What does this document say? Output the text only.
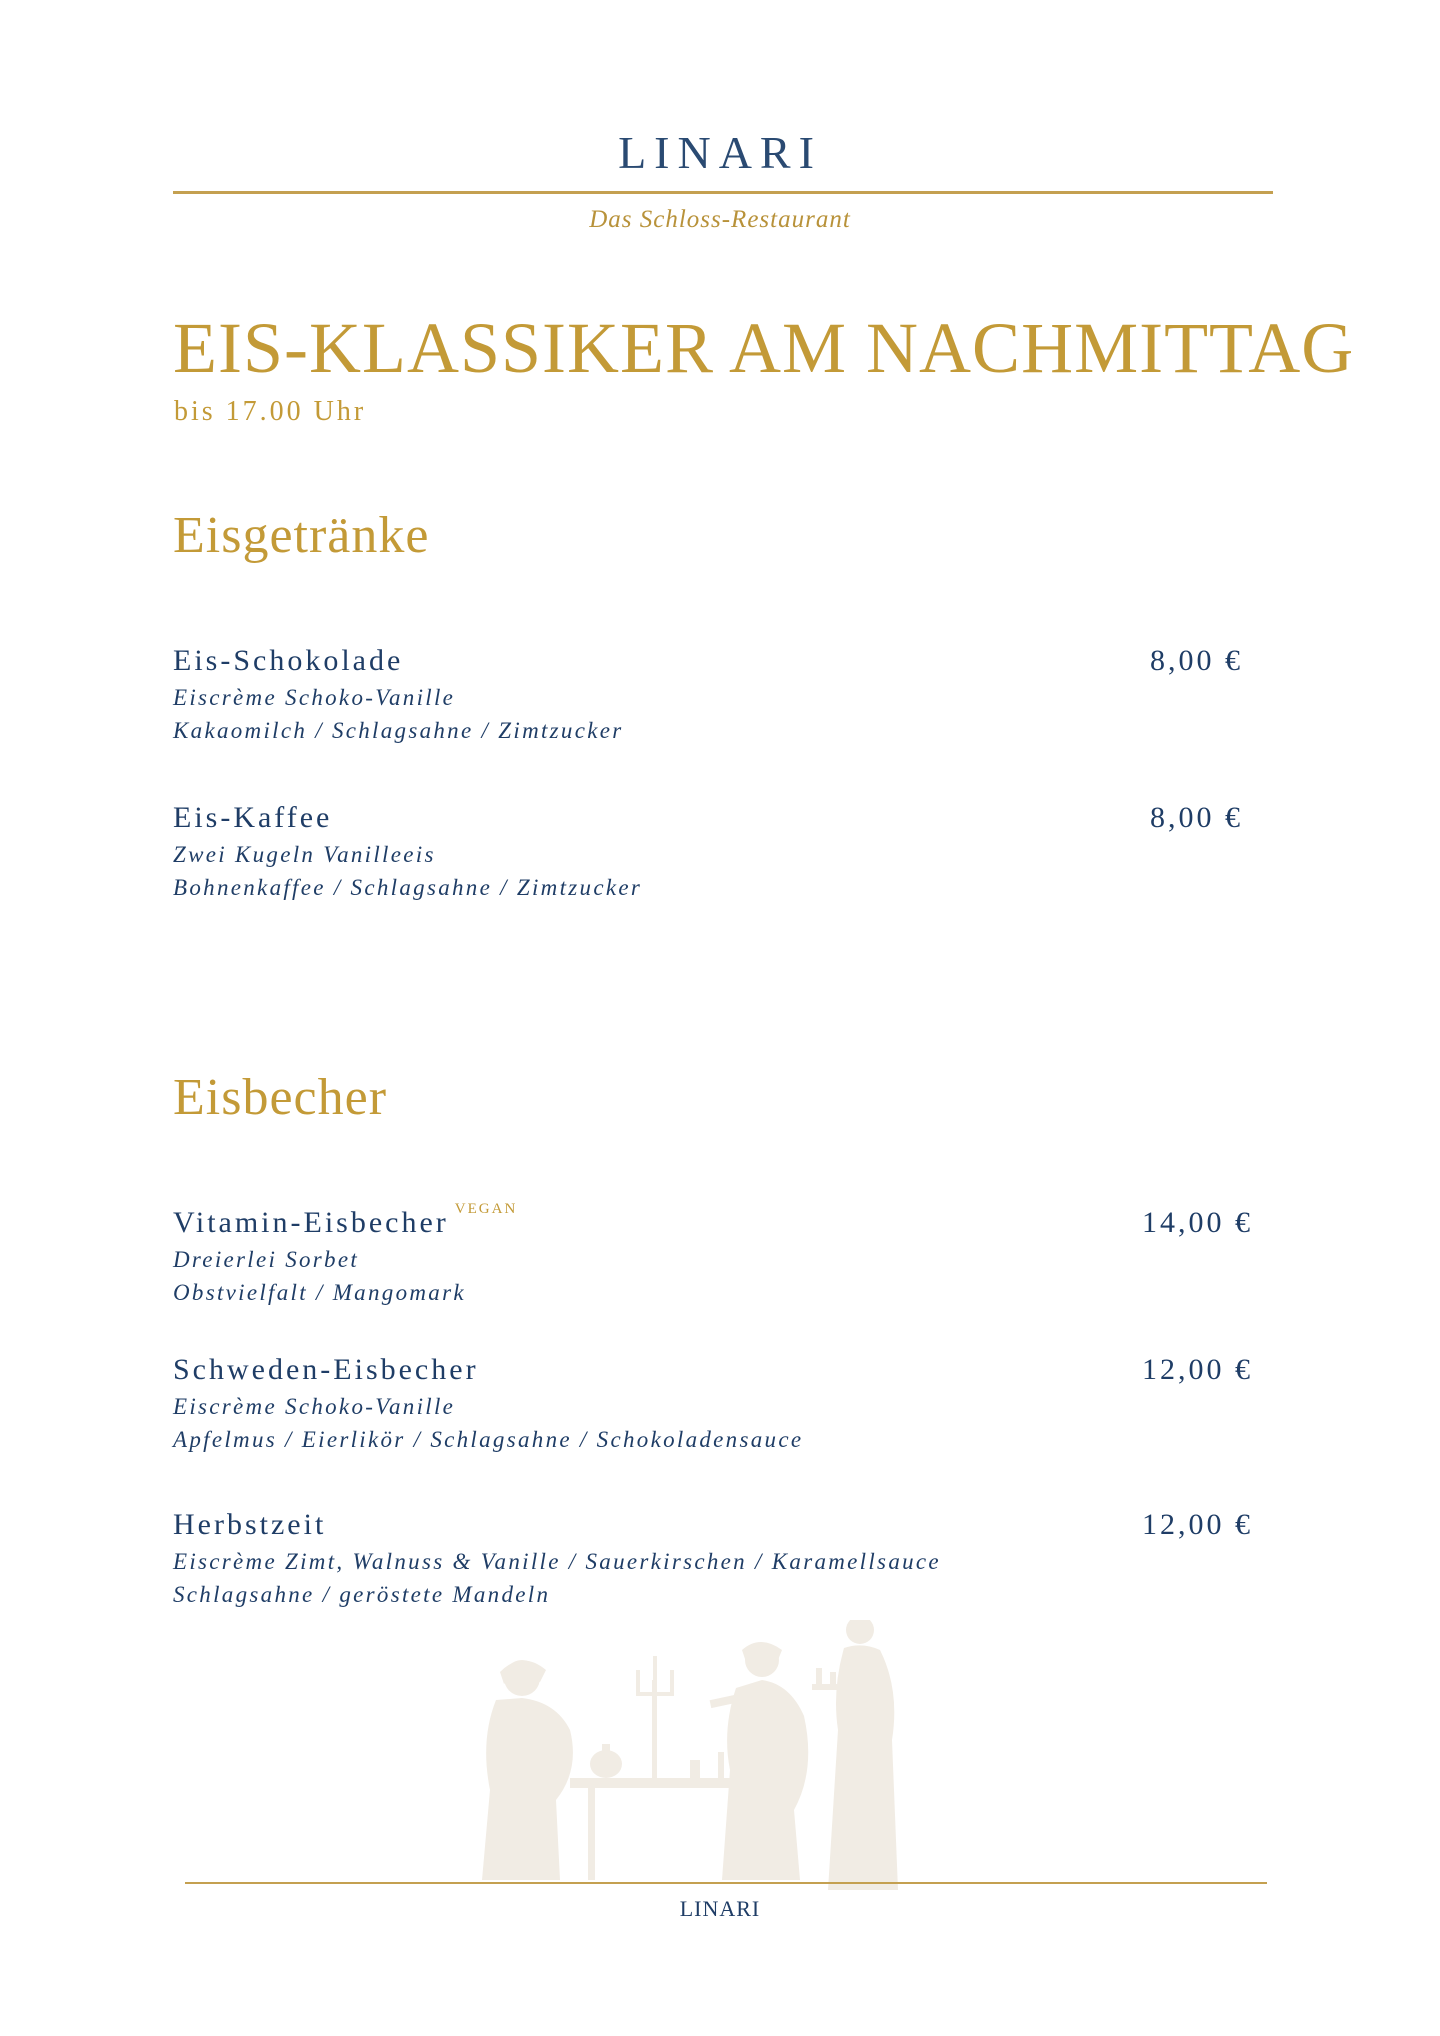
LINARI
Das Schloss-Restaurant
EIS-KLASSIKER AM NACHMITTAG
bis 17.00 Uhr
Eisgetränke
Eis-Schokolade	8,00 €
Eiscrème Schoko-Vanille
Kakaomilch / Schlagsahne / Zimtzucker
Eis-Kaffee	8,00 €
Zwei Kugeln Vanilleeis
Bohnenkaffee / Schlagsahne / Zimtzucker
Eisbecher
Vitamin-Eisbecher $^{VEGAN}$	14,00 €
Dreierlei Sorbet
Obstvielfalt / Mangomark
Schweden-Eisbecher	12,00 €
Eiscrème Schoko-Vanille
Apfelmus / Eierlikör / Schlagsahne / Schokoladensauce
Herbstzeit	12,00 €
Eiscrème Zimt, Walnuss & Vanille / Sauerkirschen / Karamellsauce
Schlagsahne / geröstete Mandeln
LINARI
